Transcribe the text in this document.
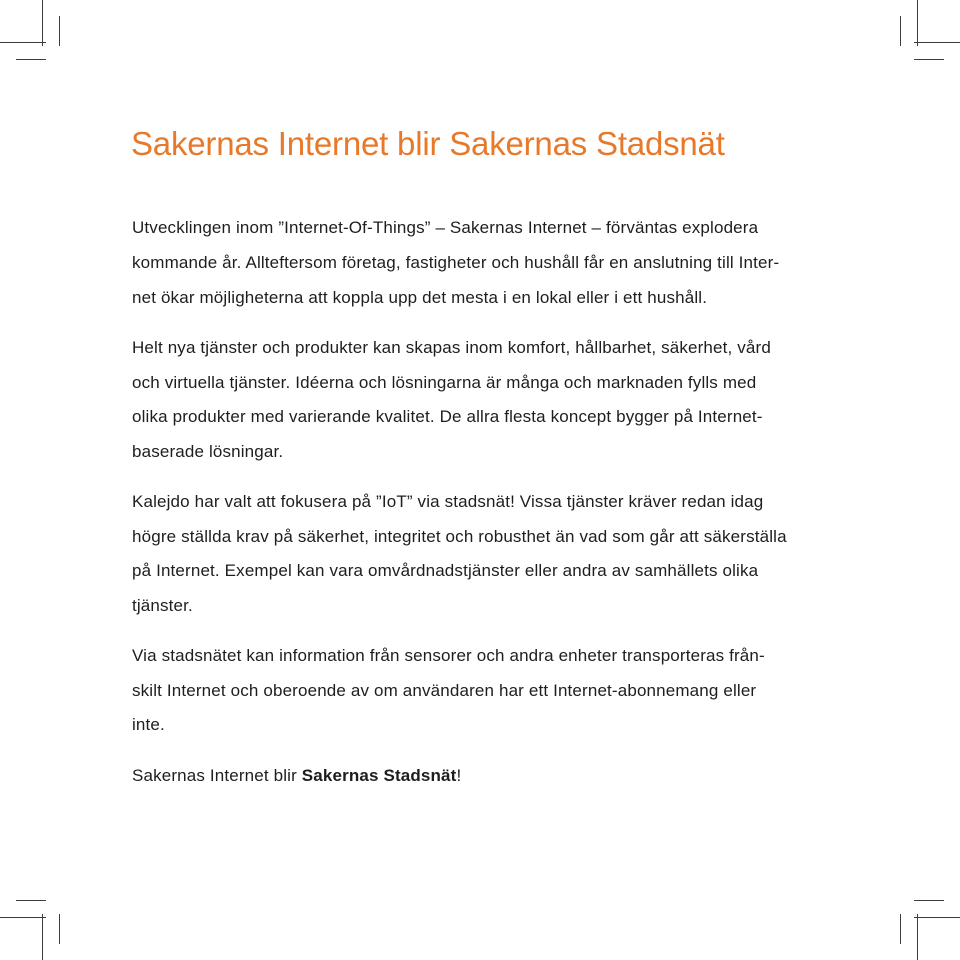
Sakernas Internet blir Sakernas Stadsnät

Utvecklingen inom ”Internet-Of-Things” – Sakernas Internet – förväntas explodera
kommande år. Allteftersom företag, fastigheter och hushåll får en anslutning till Inter-
net ökar möjligheterna att koppla upp det mesta i en lokal eller i ett hushåll.

Helt nya tjänster och produkter kan skapas inom komfort, hållbarhet, säkerhet, vård
och virtuella tjänster. Idéerna och lösningarna är många och marknaden fylls med
olika produkter med varierande kvalitet. De allra flesta koncept bygger på Internet-
baserade lösningar.

Kalejdo har valt att fokusera på ”IoT” via stadsnät! Vissa tjänster kräver redan idag
högre ställda krav på säkerhet, integritet och robusthet än vad som går att säkerställa
på Internet. Exempel kan vara omvårdnadstjänster eller andra av samhällets olika
tjänster.

Via stadsnätet kan information från sensorer och andra enheter transporteras från-
skilt Internet och oberoende av om användaren har ett Internet-abonnemang eller
inte.

Sakernas Internet blir Sakernas Stadsnät!
